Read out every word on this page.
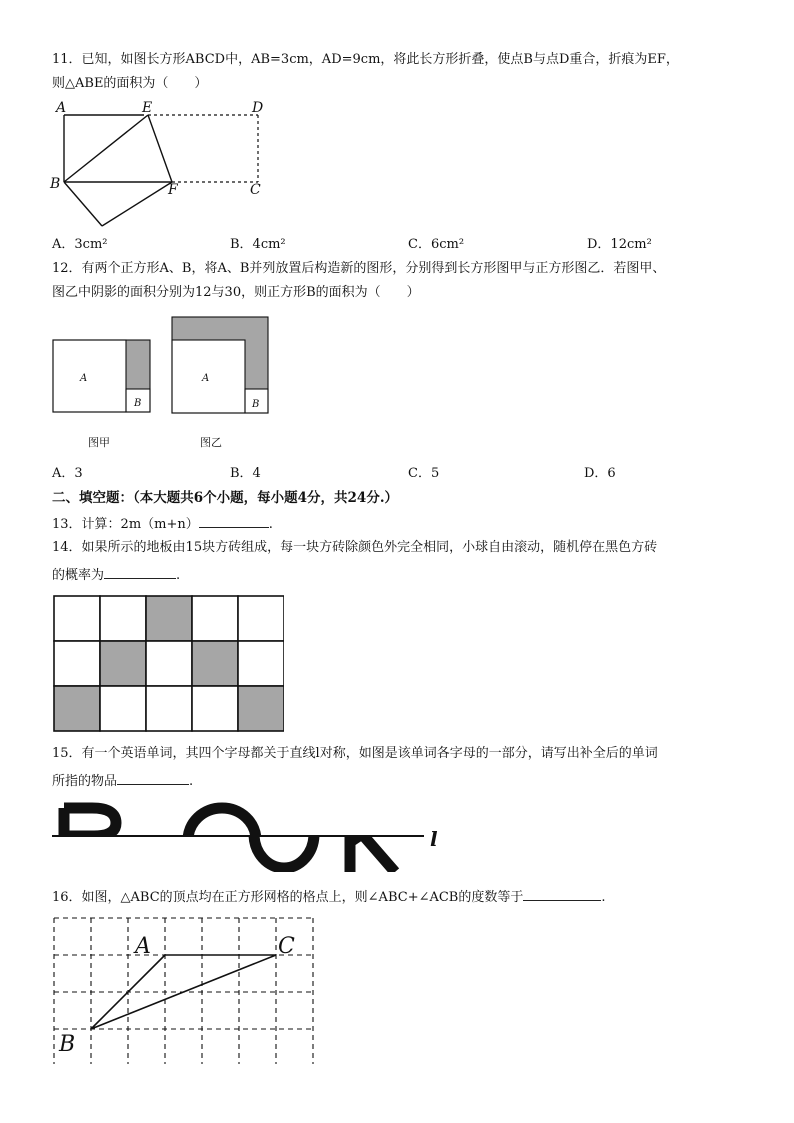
11．已知，如图长方形ABCD中，AB=3cm，AD=9cm，将此长方形折叠，使点B与点D重合，折痕为EF，
则△ABE的面积为（　　）
A	E	D
B	F	C
A．3cm²	B．4cm²	C．6cm²	D．12cm²
12．有两个正方形A、B，将A、B并列放置后构造新的图形，分别得到长方形图甲与正方形图乙．若图甲、
图乙中阴影的面积分别为12与30，则正方形B的面积为（　　）
A
B
图甲
A
B
图乙
A．3	B．4	C．5	D．6
二、填空题：（本大题共6个小题，每小题4分，共24分.）
13．计算：2m（m+n）	.
14．如果所示的地板由15块方砖组成，每一块方砖除颜色外完全相同，小球自由滚动，随机停在黑色方砖
的概率为	.
15．有一个英语单词，其四个字母都关于直线l对称，如图是该单词各字母的一部分，请写出补全后的单词
所指的物品	.
l
16．如图，△ABC的顶点均在正方形网格的格点上，则∠ABC+∠ACB的度数等于	.
A	C
B
